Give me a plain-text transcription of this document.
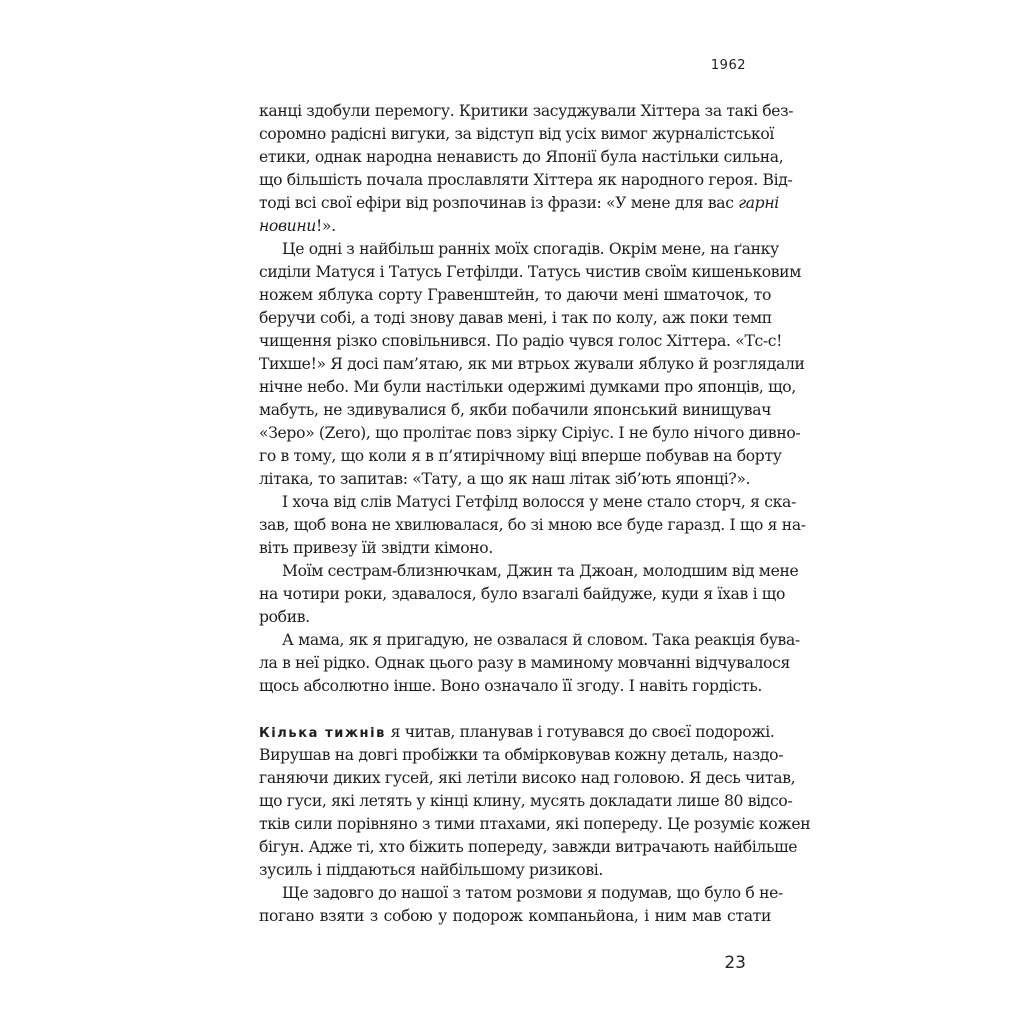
1962
канці здобули перемогу. Критики засуджували Хіттера за такі без-
соромно радісні вигуки, за відступ від усіх вимог журналістської
етики, однак народна ненависть до Японії була настільки сильна,
що більшість почала прославляти Хіттера як народного героя. Від-
тоді всі свої ефіри від розпочинав із фрази: «У мене для вас гарні
новини!».
Це одні з найбільш ранніх моїх спогадів. Окрім мене, на ґанку
сиділи Матуся і Татусь Гетфілди. Татусь чистив своїм кишеньковим
ножем яблука сорту Гравенштейн, то даючи мені шматочок, то
беручи собі, а тоді знову давав мені, і так по колу, аж поки темп
чищення різко сповільнився. По радіо чувся голос Хіттера. «Тс-с!
Тихше!» Я досі пам’ятаю, як ми втрьох жували яблуко й розглядали
нічне небо. Ми були настільки одержимі думками про японців, що,
мабуть, не здивувалися б, якби побачили японський винищувач
«Зеро» (Zero), що пролітає повз зірку Сіріус. І не було нічого дивно-
го в тому, що коли я в п’ятирічному віці вперше побував на борту
літака, то запитав: «Тату, а що як наш літак зіб’ють японці?».
І хоча від слів Матусі Гетфілд волосся у мене стало сторч, я ска-
зав, щоб вона не хвилювалася, бо зі мною все буде гаразд. І що я на-
віть привезу їй звідти кімоно.
Моїм сестрам-близнючкам, Джин та Джоан, молодшим від мене
на чотири роки, здавалося, було взагалі байдуже, куди я їхав і що
робив.
А мама, як я пригадую, не озвалася й словом. Така реакція бува-
ла в неї рідко. Однак цього разу в маминому мовчанні відчувалося
щось абсолютно інше. Воно означало її згоду. І навіть гордість.
Кілька тижнів я читав, планував і готувався до своєї подорожі.
Вирушав на довгі пробіжки та обмірковував кожну деталь, наздо-
ганяючи диких гусей, які летіли високо над головою. Я десь читав,
що гуси, які летять у кінці клину, мусять докладати лише 80 відсо-
тків сили порівняно з тими птахами, які попереду. Це розуміє кожен
бігун. Адже ті, хто біжить попереду, завжди витрачають найбільше
зусиль і піддаються найбільшому ризикові.
Ще задовго до нашої з татом розмови я подумав, що було б не-
погано взяти з собою у подорож компаньйона, і ним мав стати
23
